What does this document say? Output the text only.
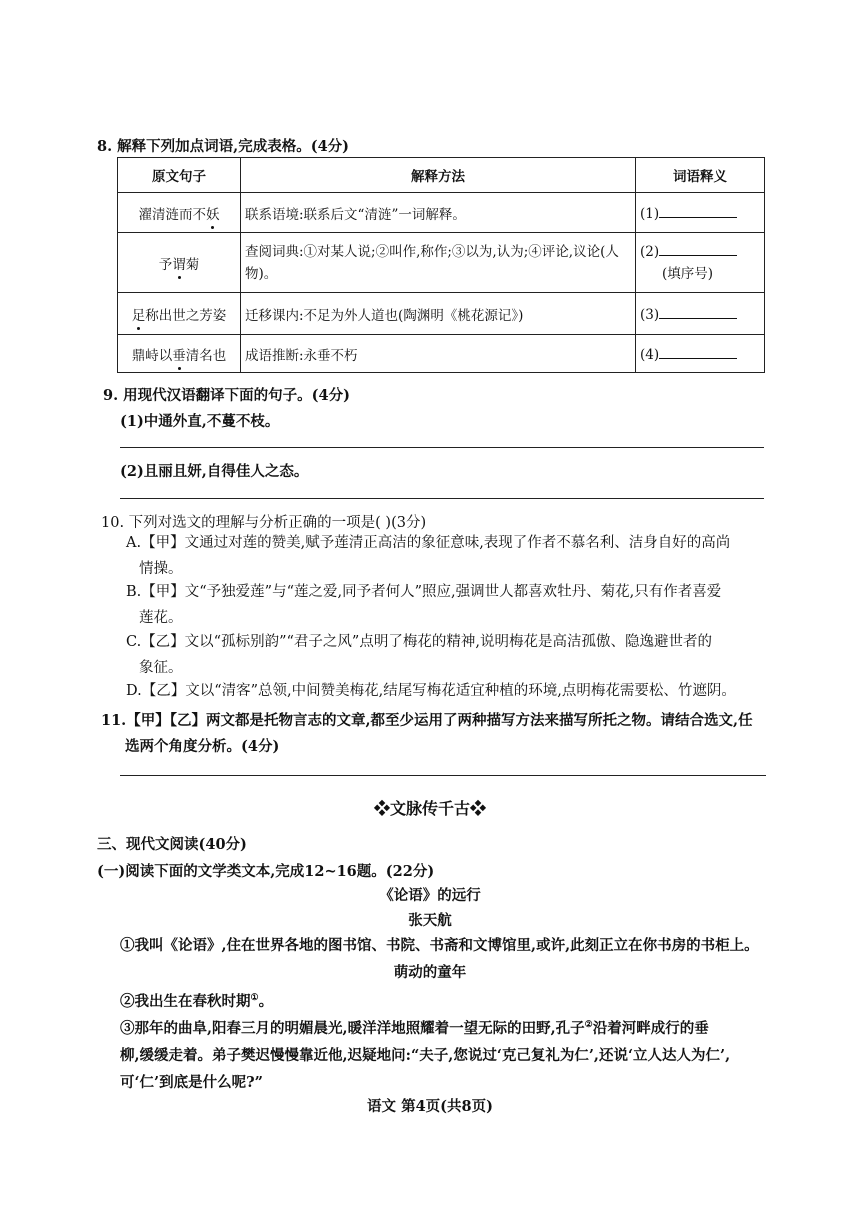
8. 解释下列加点词语,完成表格。(4分)
原文句子	解释方法	词语释义
濯清涟而不妖	联系语境:联系后文“清涟”一词解释。	(1)
予谓菊	查阅词典:①对某人说;②叫作,称作;③以为,认为;④评论,议论(人物)。	(2)
(填序号)
足称出世之芳姿	迁移课内:不足为外人道也(陶渊明《桃花源记》)	(3)
鼎峙以垂清名也	成语推断:永垂不朽	(4)
9. 用现代汉语翻译下面的句子。(4分)
(1)中通外直,不蔓不枝。
(2)且丽且妍,自得佳人之态。
10. 下列对选文的理解与分析正确的一项是( )(3分)
A.【甲】文通过对莲的赞美,赋予莲清正高洁的象征意味,表现了作者不慕名利、洁身自好的高尚
情操。
B.【甲】文“予独爱莲”与“莲之爱,同予者何人”照应,强调世人都喜欢牡丹、菊花,只有作者喜爱
莲花。
C.【乙】文以“孤标别韵”“君子之风”点明了梅花的精神,说明梅花是高洁孤傲、隐逸避世者的
象征。
D.【乙】文以“清客”总领,中间赞美梅花,结尾写梅花适宜种植的环境,点明梅花需要松、竹遮阴。
11.【甲】【乙】两文都是托物言志的文章,都至少运用了两种描写方法来描写所托之物。请结合选文,任
选两个角度分析。(4分)
❖文脉传千古❖
三、现代文阅读(40分)
(一)阅读下面的文学类文本,完成12~16题。(22分)
《论语》的远行
张天航
①我叫《论语》,住在世界各地的图书馆、书院、书斋和文博馆里,或许,此刻正立在你书房的书柜上。
萌动的童年
②我出生在春秋时期①。
③那年的曲阜,阳春三月的明媚晨光,暖洋洋地照耀着一望无际的田野,孔子②沿着河畔成行的垂
柳,缓缓走着。弟子樊迟慢慢靠近他,迟疑地问:“夫子,您说过‘克己复礼为仁’,还说‘立人达人为仁’,
可‘仁’到底是什么呢?”
语文 第4页(共8页)
